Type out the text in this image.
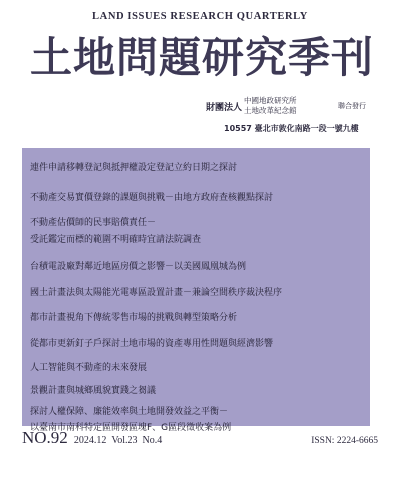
LAND ISSUES RESEARCH QUARTERLY
土地問題研究季刊
財團法人
中國地政研究所
土地改革紀念館	聯合發行
10557 臺北市敦化南路一段一號九樓
連件申請移轉登記與抵押權設定登記立約日期之探討
不動產交易實價登錄的課題與挑戰－由地方政府查核觀點探討
不動產估價師的民事賠償責任－
受託鑑定而標的範圍不明確時宜請法院調查
台積電設廠對鄰近地區房價之影響－以美國鳳凰城為例
國土計畫法與太陽能光電專區設置計畫－兼論空間秩序裁決程序
都市計畫視角下傳統零售市場的挑戰與轉型策略分析
從都市更新釘子戶探討土地市場的資產專用性問題與經濟影響
人工智能與不動產的未來發展
景觀計畫與城鄉風貌實踐之芻議
探討人權保障、廉能效率與土地開發效益之平衡－
以臺南市南科特定區開發區塊F、G區段徵收案為例
NO.92 2024.12 Vol.23 No.4	ISSN: 2224-6665
